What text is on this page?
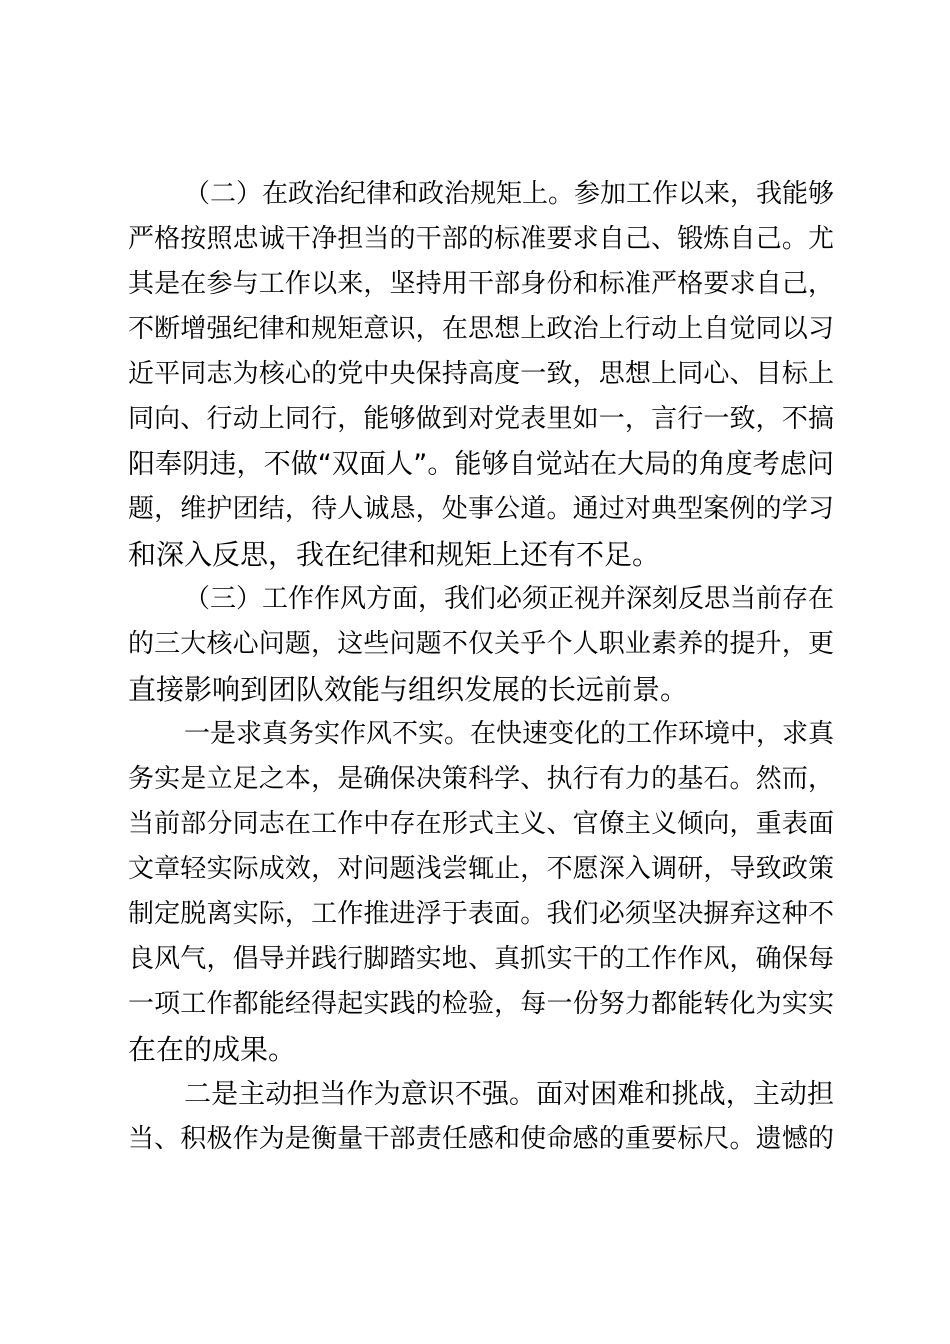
（二）在政治纪律和政治规矩上。参加工作以来，我能够
严格按照忠诚干净担当的干部的标准要求自己、锻炼自己。尤
其是在参与工作以来，坚持用干部身份和标准严格要求自己，
不断增强纪律和规矩意识，在思想上政治上行动上自觉同以习
近平同志为核心的党中央保持高度一致，思想上同心、目标上
同向、行动上同行，能够做到对党表里如一，言行一致，不搞
阳奉阴违，不做“双面人”。能够自觉站在大局的角度考虑问
题，维护团结，待人诚恳，处事公道。通过对典型案例的学习
和深入反思，我在纪律和规矩上还有不足。
（三）工作作风方面，我们必须正视并深刻反思当前存在
的三大核心问题，这些问题不仅关乎个人职业素养的提升，更
直接影响到团队效能与组织发展的长远前景。
一是求真务实作风不实。在快速变化的工作环境中，求真
务实是立足之本，是确保决策科学、执行有力的基石。然而，
当前部分同志在工作中存在形式主义、官僚主义倾向，重表面
文章轻实际成效，对问题浅尝辄止，不愿深入调研，导致政策
制定脱离实际，工作推进浮于表面。我们必须坚决摒弃这种不
良风气，倡导并践行脚踏实地、真抓实干的工作作风，确保每
一项工作都能经得起实践的检验，每一份努力都能转化为实实
在在的成果。
二是主动担当作为意识不强。面对困难和挑战，主动担
当、积极作为是衡量干部责任感和使命感的重要标尺。遗憾的
